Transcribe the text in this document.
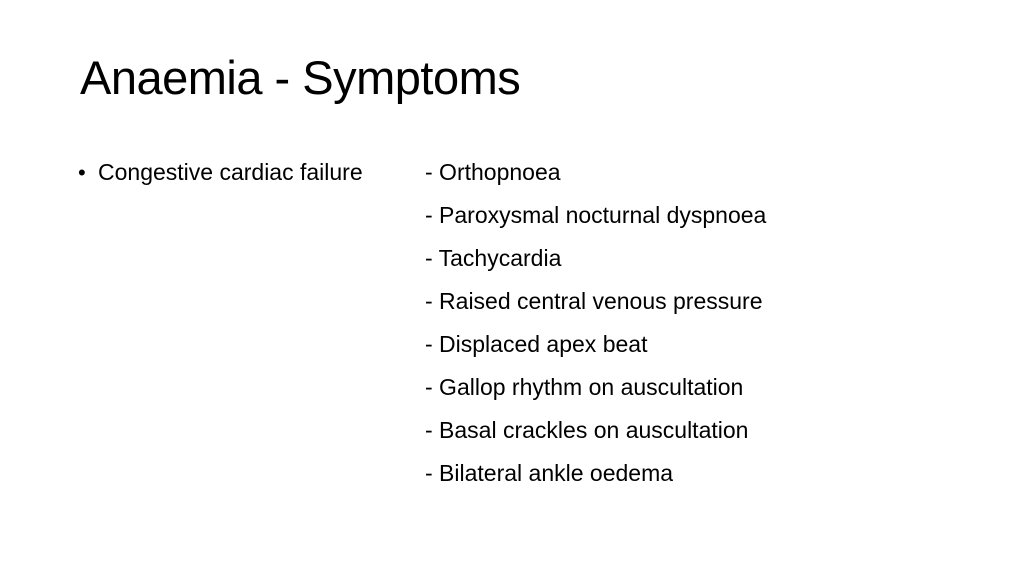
Anaemia - Symptoms
• Congestive cardiac failure	- Orthopnoea
- Paroxysmal nocturnal dyspnoea
- Tachycardia
- Raised central venous pressure
- Displaced apex beat
- Gallop rhythm on auscultation
- Basal crackles on auscultation
- Bilateral ankle oedema
